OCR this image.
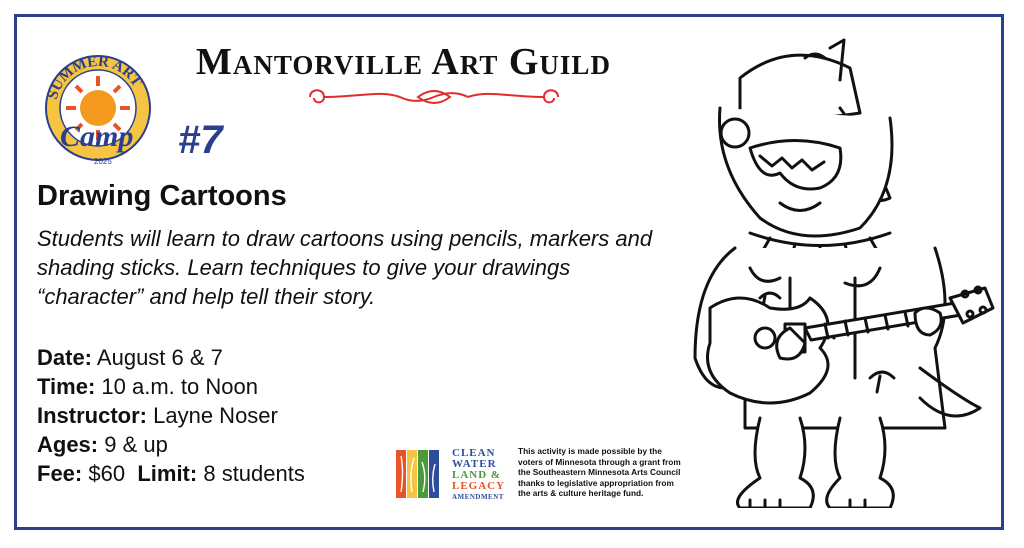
Mantorville Art Guild
SUMMER ART
Camp
2025 #7
Drawing Cartoons
Students will learn to draw cartoons using pencils, markers and shading sticks. Learn techniques to give your drawings “character” and help tell their story.
Date: August 6 & 7
Time: 10 a.m. to Noon
Instructor: Layne Noser
Ages: 9 & up
Fee: $60 Limit: 8 students
CLEAN
WATER
LAND &
LEGACY
AMENDMENT
This activity is made possible by the voters of Minnesota through a grant from the Southeastern Minnesota Arts Council thanks to legislative appropriation from the arts & culture heritage fund.
